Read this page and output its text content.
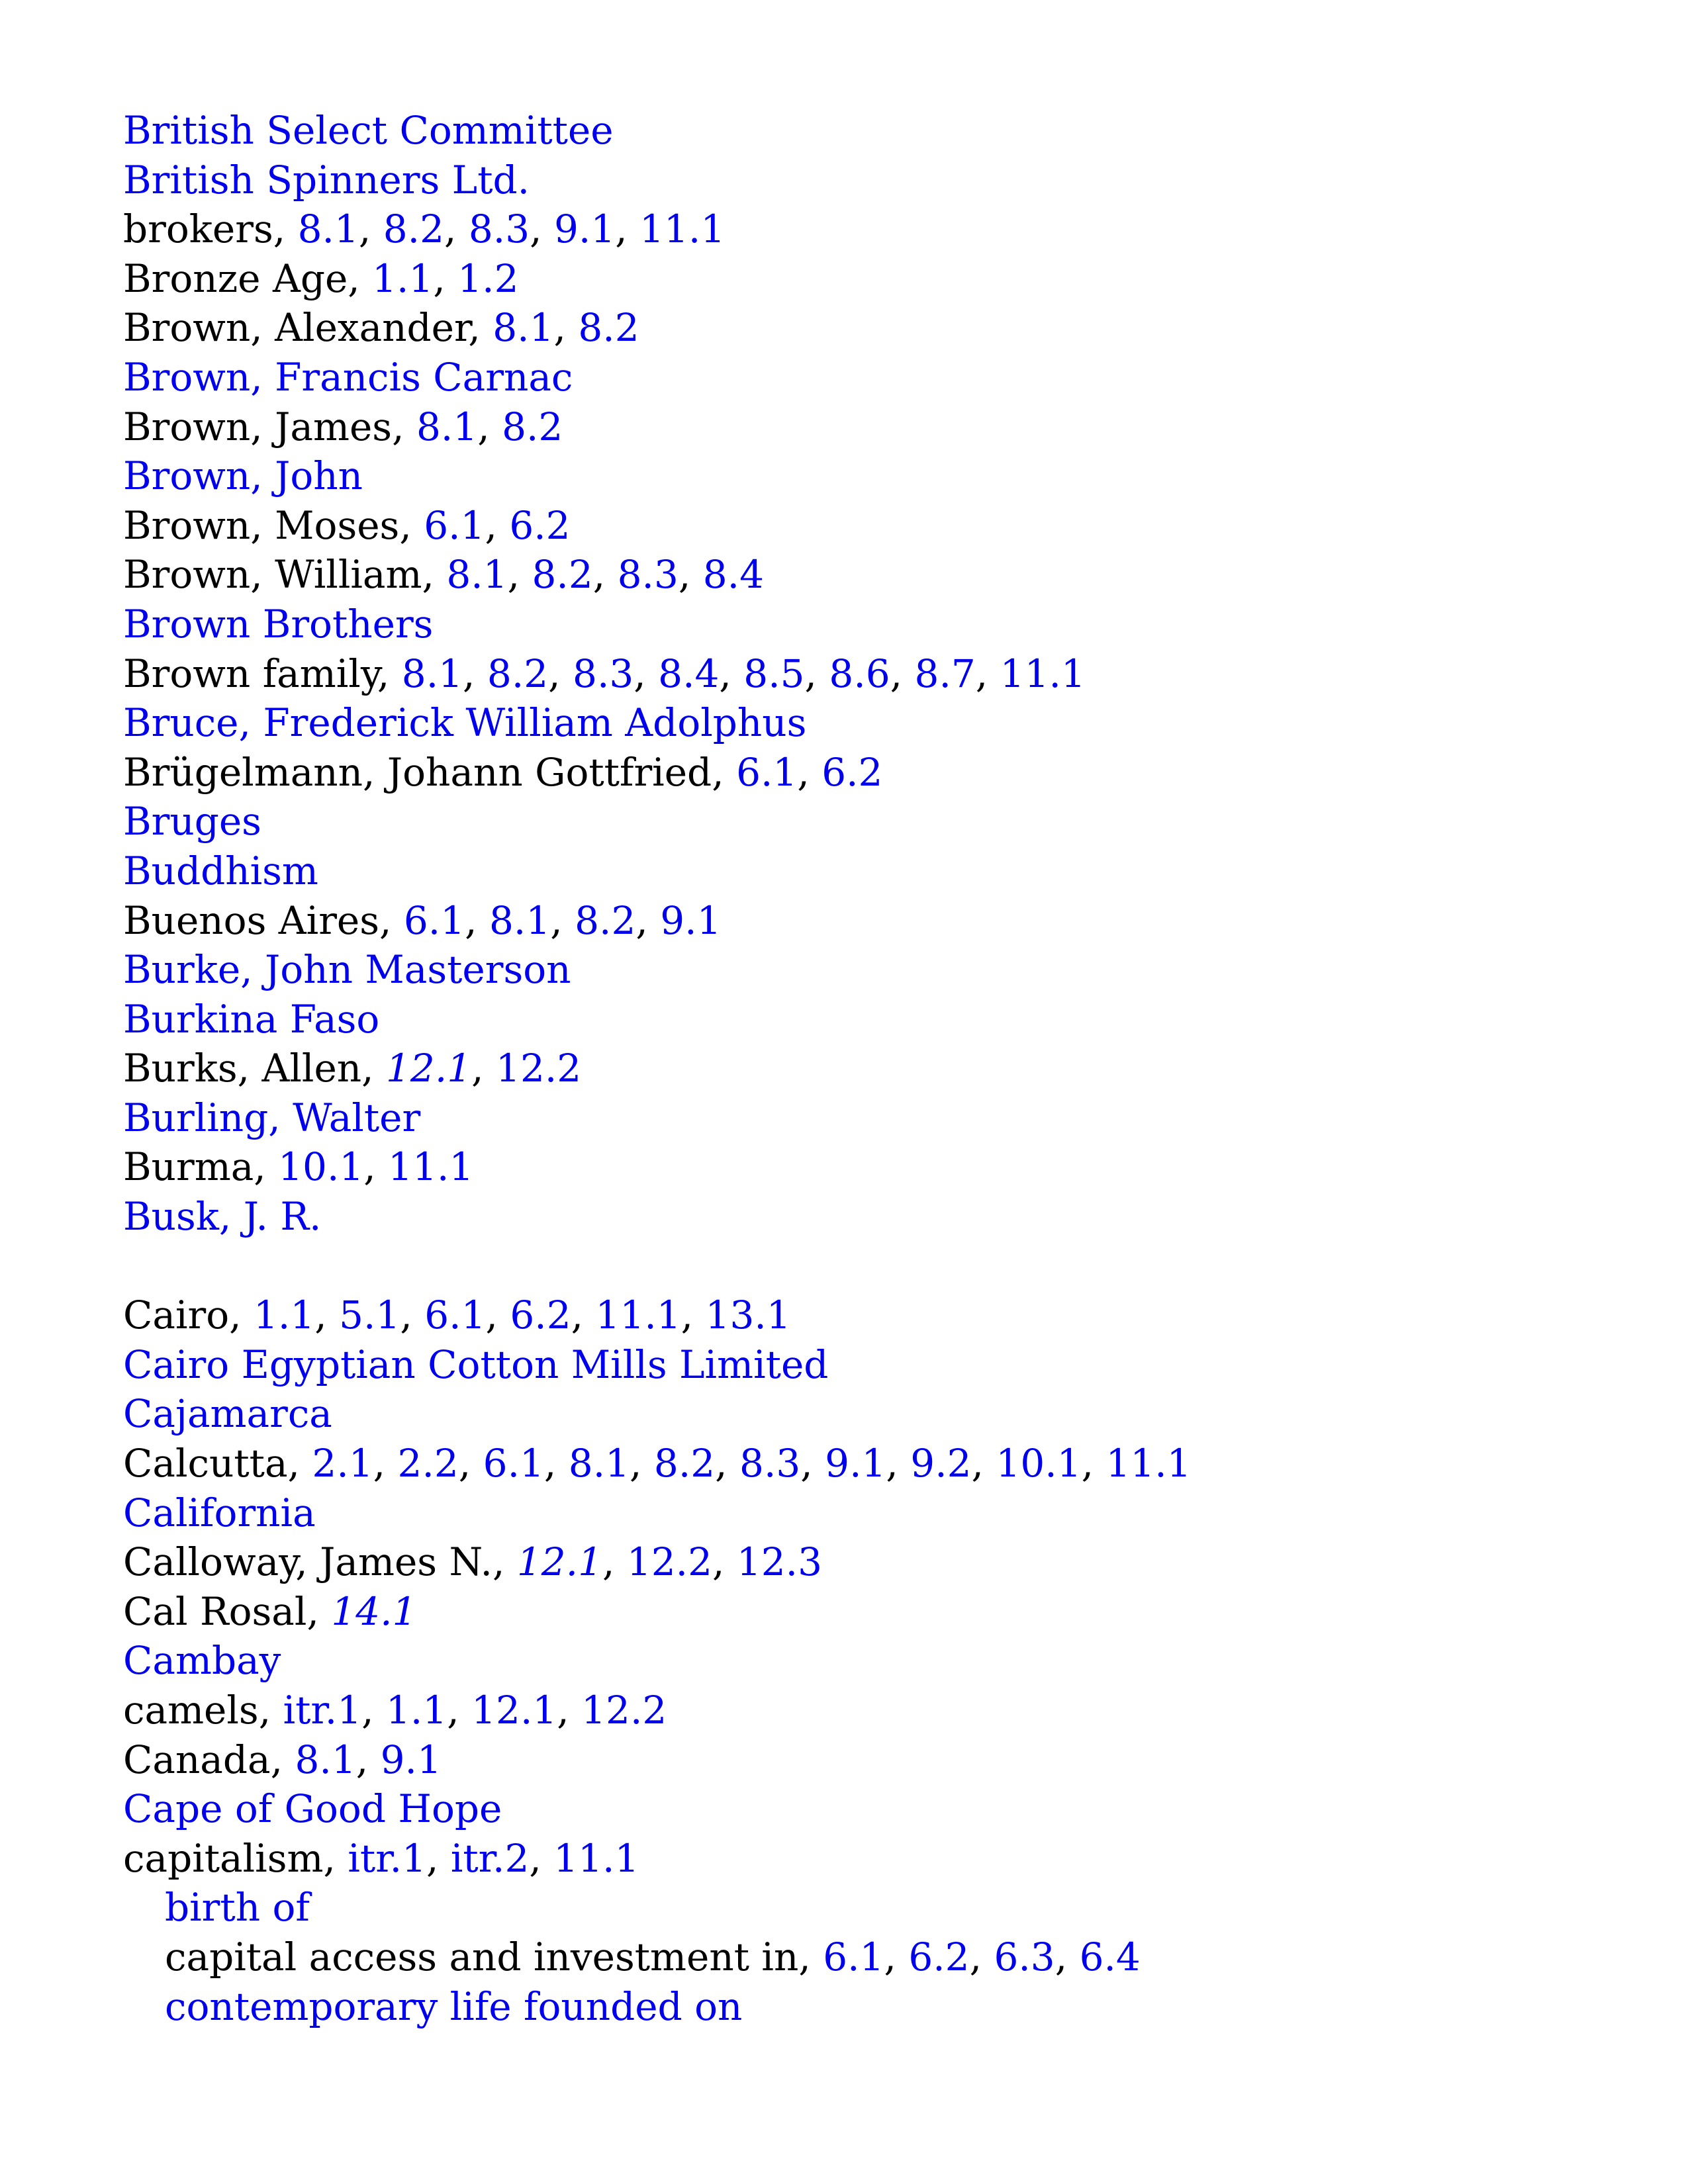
British Select Committee
British Spinners Ltd.
brokers, 8.1, 8.2, 8.3, 9.1, 11.1
Bronze Age, 1.1, 1.2
Brown, Alexander, 8.1, 8.2
Brown, Francis Carnac
Brown, James, 8.1, 8.2
Brown, John
Brown, Moses, 6.1, 6.2
Brown, William, 8.1, 8.2, 8.3, 8.4
Brown Brothers
Brown family, 8.1, 8.2, 8.3, 8.4, 8.5, 8.6, 8.7, 11.1
Bruce, Frederick William Adolphus
Brügelmann, Johann Gottfried, 6.1, 6.2
Bruges
Buddhism
Buenos Aires, 6.1, 8.1, 8.2, 9.1
Burke, John Masterson
Burkina Faso
Burks, Allen, 12.1, 12.2
Burling, Walter
Burma, 10.1, 11.1
Busk, J. R.
Cairo, 1.1, 5.1, 6.1, 6.2, 11.1, 13.1
Cairo Egyptian Cotton Mills Limited
Cajamarca
Calcutta, 2.1, 2.2, 6.1, 8.1, 8.2, 8.3, 9.1, 9.2, 10.1, 11.1
California
Calloway, James N., 12.1, 12.2, 12.3
Cal Rosal, 14.1
Cambay
camels, itr.1, 1.1, 12.1, 12.2
Canada, 8.1, 9.1
Cape of Good Hope
capitalism, itr.1, itr.2, 11.1
birth of
capital access and investment in, 6.1, 6.2, 6.3, 6.4
contemporary life founded on
